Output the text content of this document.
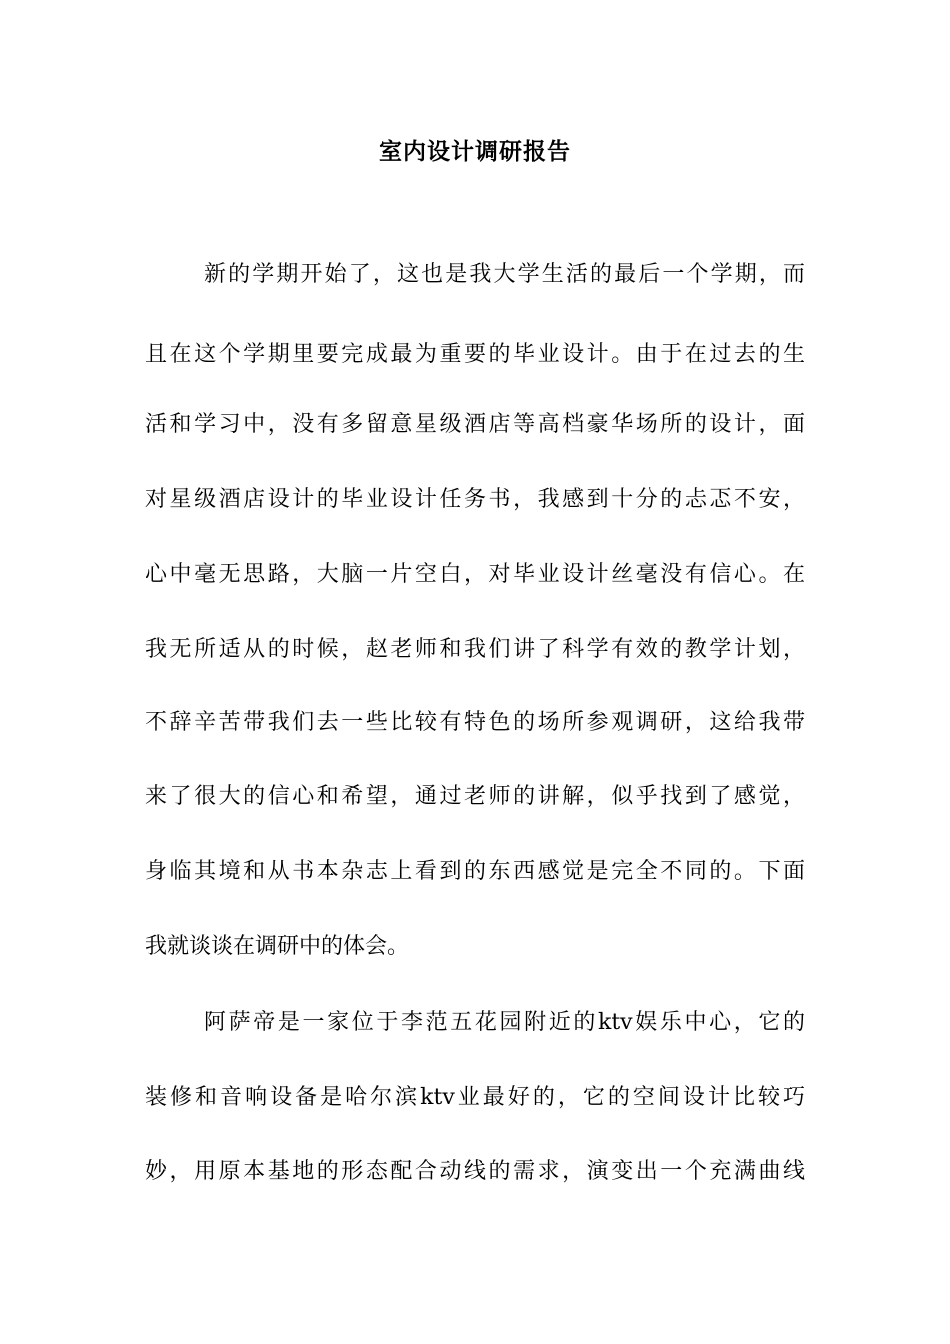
室内设计调研报告
新的学期开始了，这也是我大学生活的最后一个学期，而
且在这个学期里要完成最为重要的毕业设计。由于在过去的生
活和学习中，没有多留意星级酒店等高档豪华场所的设计，面
对星级酒店设计的毕业设计任务书，我感到十分的忐忑不安，
心中毫无思路，大脑一片空白，对毕业设计丝毫没有信心。在
我无所适从的时候，赵老师和我们讲了科学有效的教学计划，
不辞辛苦带我们去一些比较有特色的场所参观调研，这给我带
来了很大的信心和希望，通过老师的讲解，似乎找到了感觉，
身临其境和从书本杂志上看到的东西感觉是完全不同的。下面
我就谈谈在调研中的体会。
阿萨帝是一家位于李范五花园附近的ktv娱乐中心，它的
装修和音响设备是哈尔滨ktv业最好的，它的空间设计比较巧
妙，用原本基地的形态配合动线的需求，演变出一个充满曲线
